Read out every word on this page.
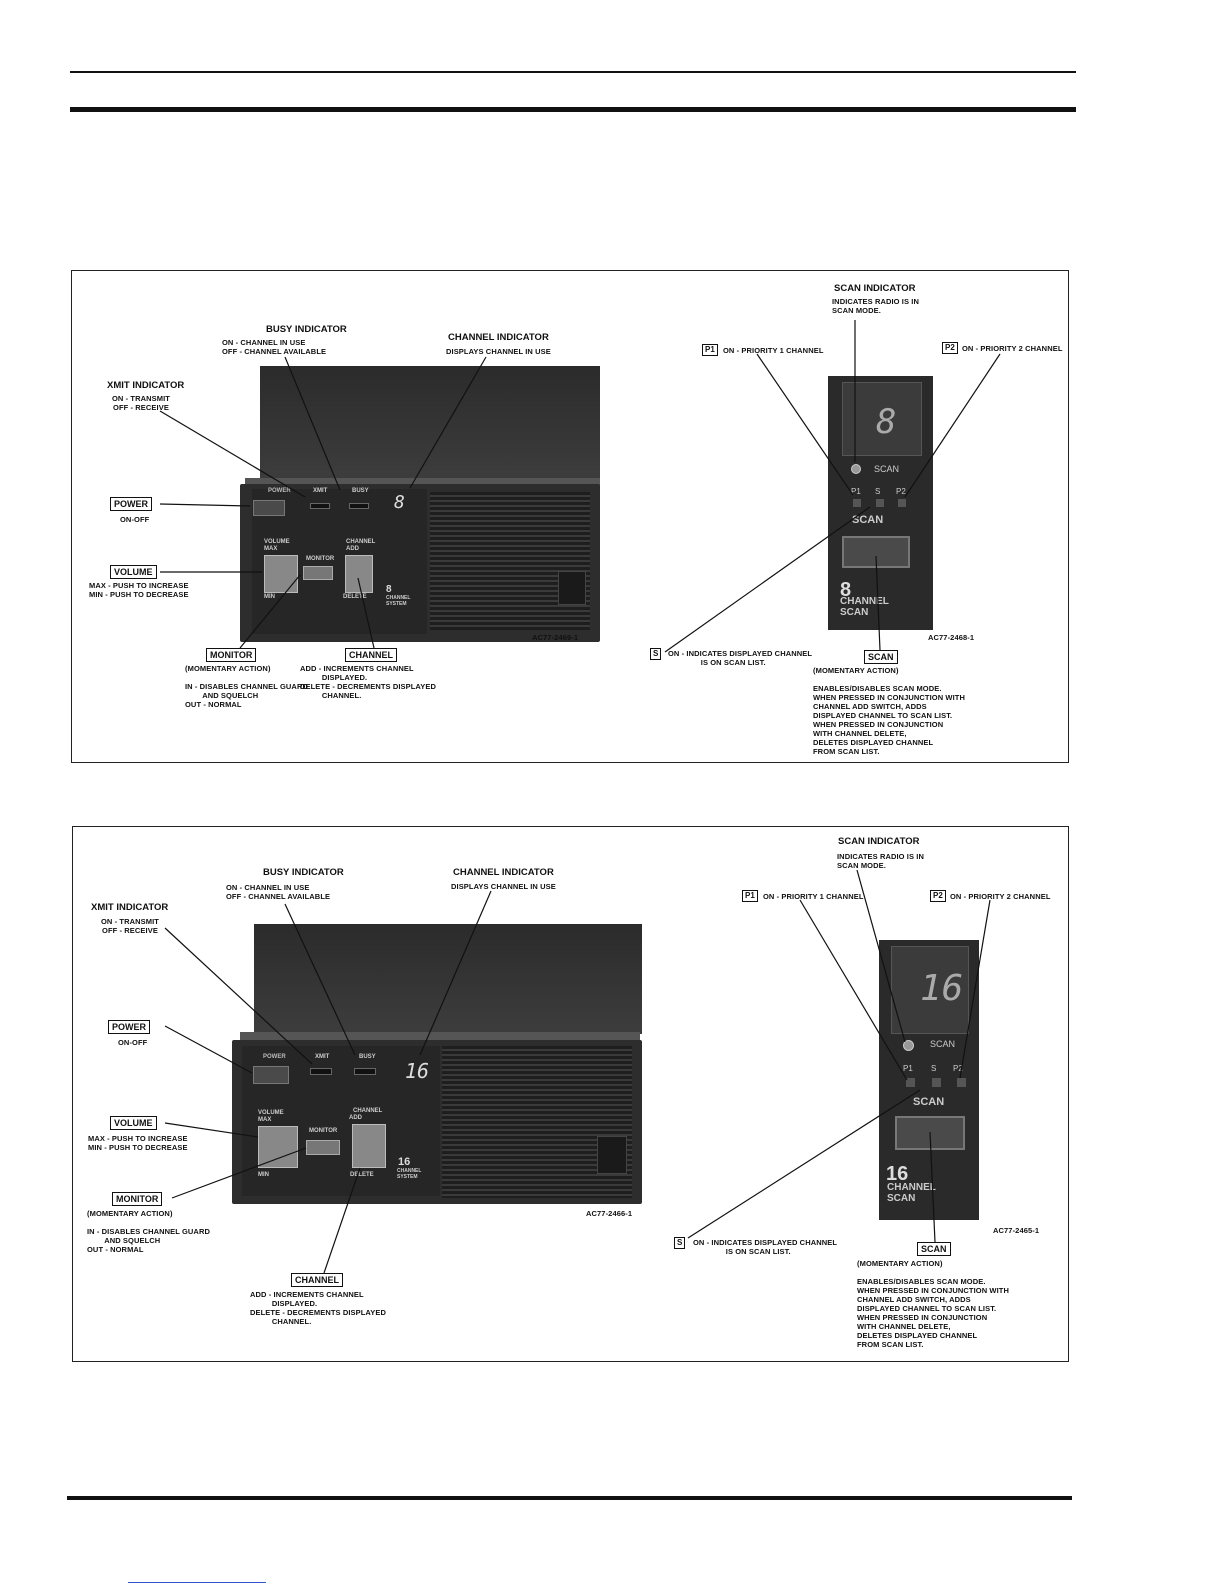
POWER	XMIT	BUSY
8
VOLUME
MAX
MIN
MONITOR
CHANNEL
ADD
DELETE
8
CHANNEL
SYSTEM
BUSY INDICATOR
ON - CHANNEL IN USE
OFF - CHANNEL AVAILABLE
CHANNEL INDICATOR
DISPLAYS CHANNEL IN USE
XMIT INDICATOR
ON - TRANSMIT
OFF - RECEIVE
POWER
ON-OFF
VOLUME
MAX - PUSH TO INCREASE
MIN - PUSH TO DECREASE
MONITOR
(MOMENTARY ACTION)

IN - DISABLES CHANNEL GUARD
AND SQUELCH
OUT - NORMAL
CHANNEL
ADD - INCREMENTS CHANNEL
DISPLAYED.
DELETE - DECREMENTS DISPLAYED
CHANNEL.
AC77-2469-1
8
SCAN
P1 S P2
SCAN
8
CHANNEL
SCAN
SCAN INDICATOR
INDICATES RADIO IS IN
SCAN MODE.
P1	ON - PRIORITY 1 CHANNEL	P2 ON - PRIORITY 2 CHANNEL
S	ON - INDICATES DISPLAYED CHANNEL
IS ON SCAN LIST.
SCAN
(MOMENTARY ACTION)

ENABLES/DISABLES SCAN MODE.
WHEN PRESSED IN CONJUNCTION WITH
CHANNEL ADD SWITCH, ADDS
DISPLAYED CHANNEL TO SCAN LIST.
WHEN PRESSED IN CONJUNCTION
WITH CHANNEL DELETE,
DELETES DISPLAYED CHANNEL
FROM SCAN LIST.
AC77-2468-1
POWER	XMIT	BUSY
16
VOLUME
MAX
MIN
MONITOR
CHANNEL
ADD
DELETE
16
CHANNEL
SYSTEM
BUSY INDICATOR
ON - CHANNEL IN USE
OFF - CHANNEL AVAILABLE
CHANNEL INDICATOR
DISPLAYS CHANNEL IN USE
XMIT INDICATOR
ON - TRANSMIT
OFF - RECEIVE
POWER
ON-OFF
VOLUME
MAX - PUSH TO INCREASE
MIN - PUSH TO DECREASE
MONITOR
(MOMENTARY ACTION)

IN - DISABLES CHANNEL GUARD
AND SQUELCH
OUT - NORMAL
CHANNEL
ADD - INCREMENTS CHANNEL
DISPLAYED.
DELETE - DECREMENTS DISPLAYED
CHANNEL.
AC77-2466-1
16
SCAN
P1 S P2
SCAN
16
CHANNEL
SCAN
SCAN INDICATOR
INDICATES RADIO IS IN
SCAN MODE.
P1	ON - PRIORITY 1 CHANNEL	P2 ON - PRIORITY 2 CHANNEL
S	ON - INDICATES DISPLAYED CHANNEL
IS ON SCAN LIST.	SCAN
(MOMENTARY ACTION)

ENABLES/DISABLES SCAN MODE.
WHEN PRESSED IN CONJUNCTION WITH
CHANNEL ADD SWITCH, ADDS
DISPLAYED CHANNEL TO SCAN LIST.
WHEN PRESSED IN CONJUNCTION
WITH CHANNEL DELETE,
DELETES DISPLAYED CHANNEL
FROM SCAN LIST.
AC77-2465-1
